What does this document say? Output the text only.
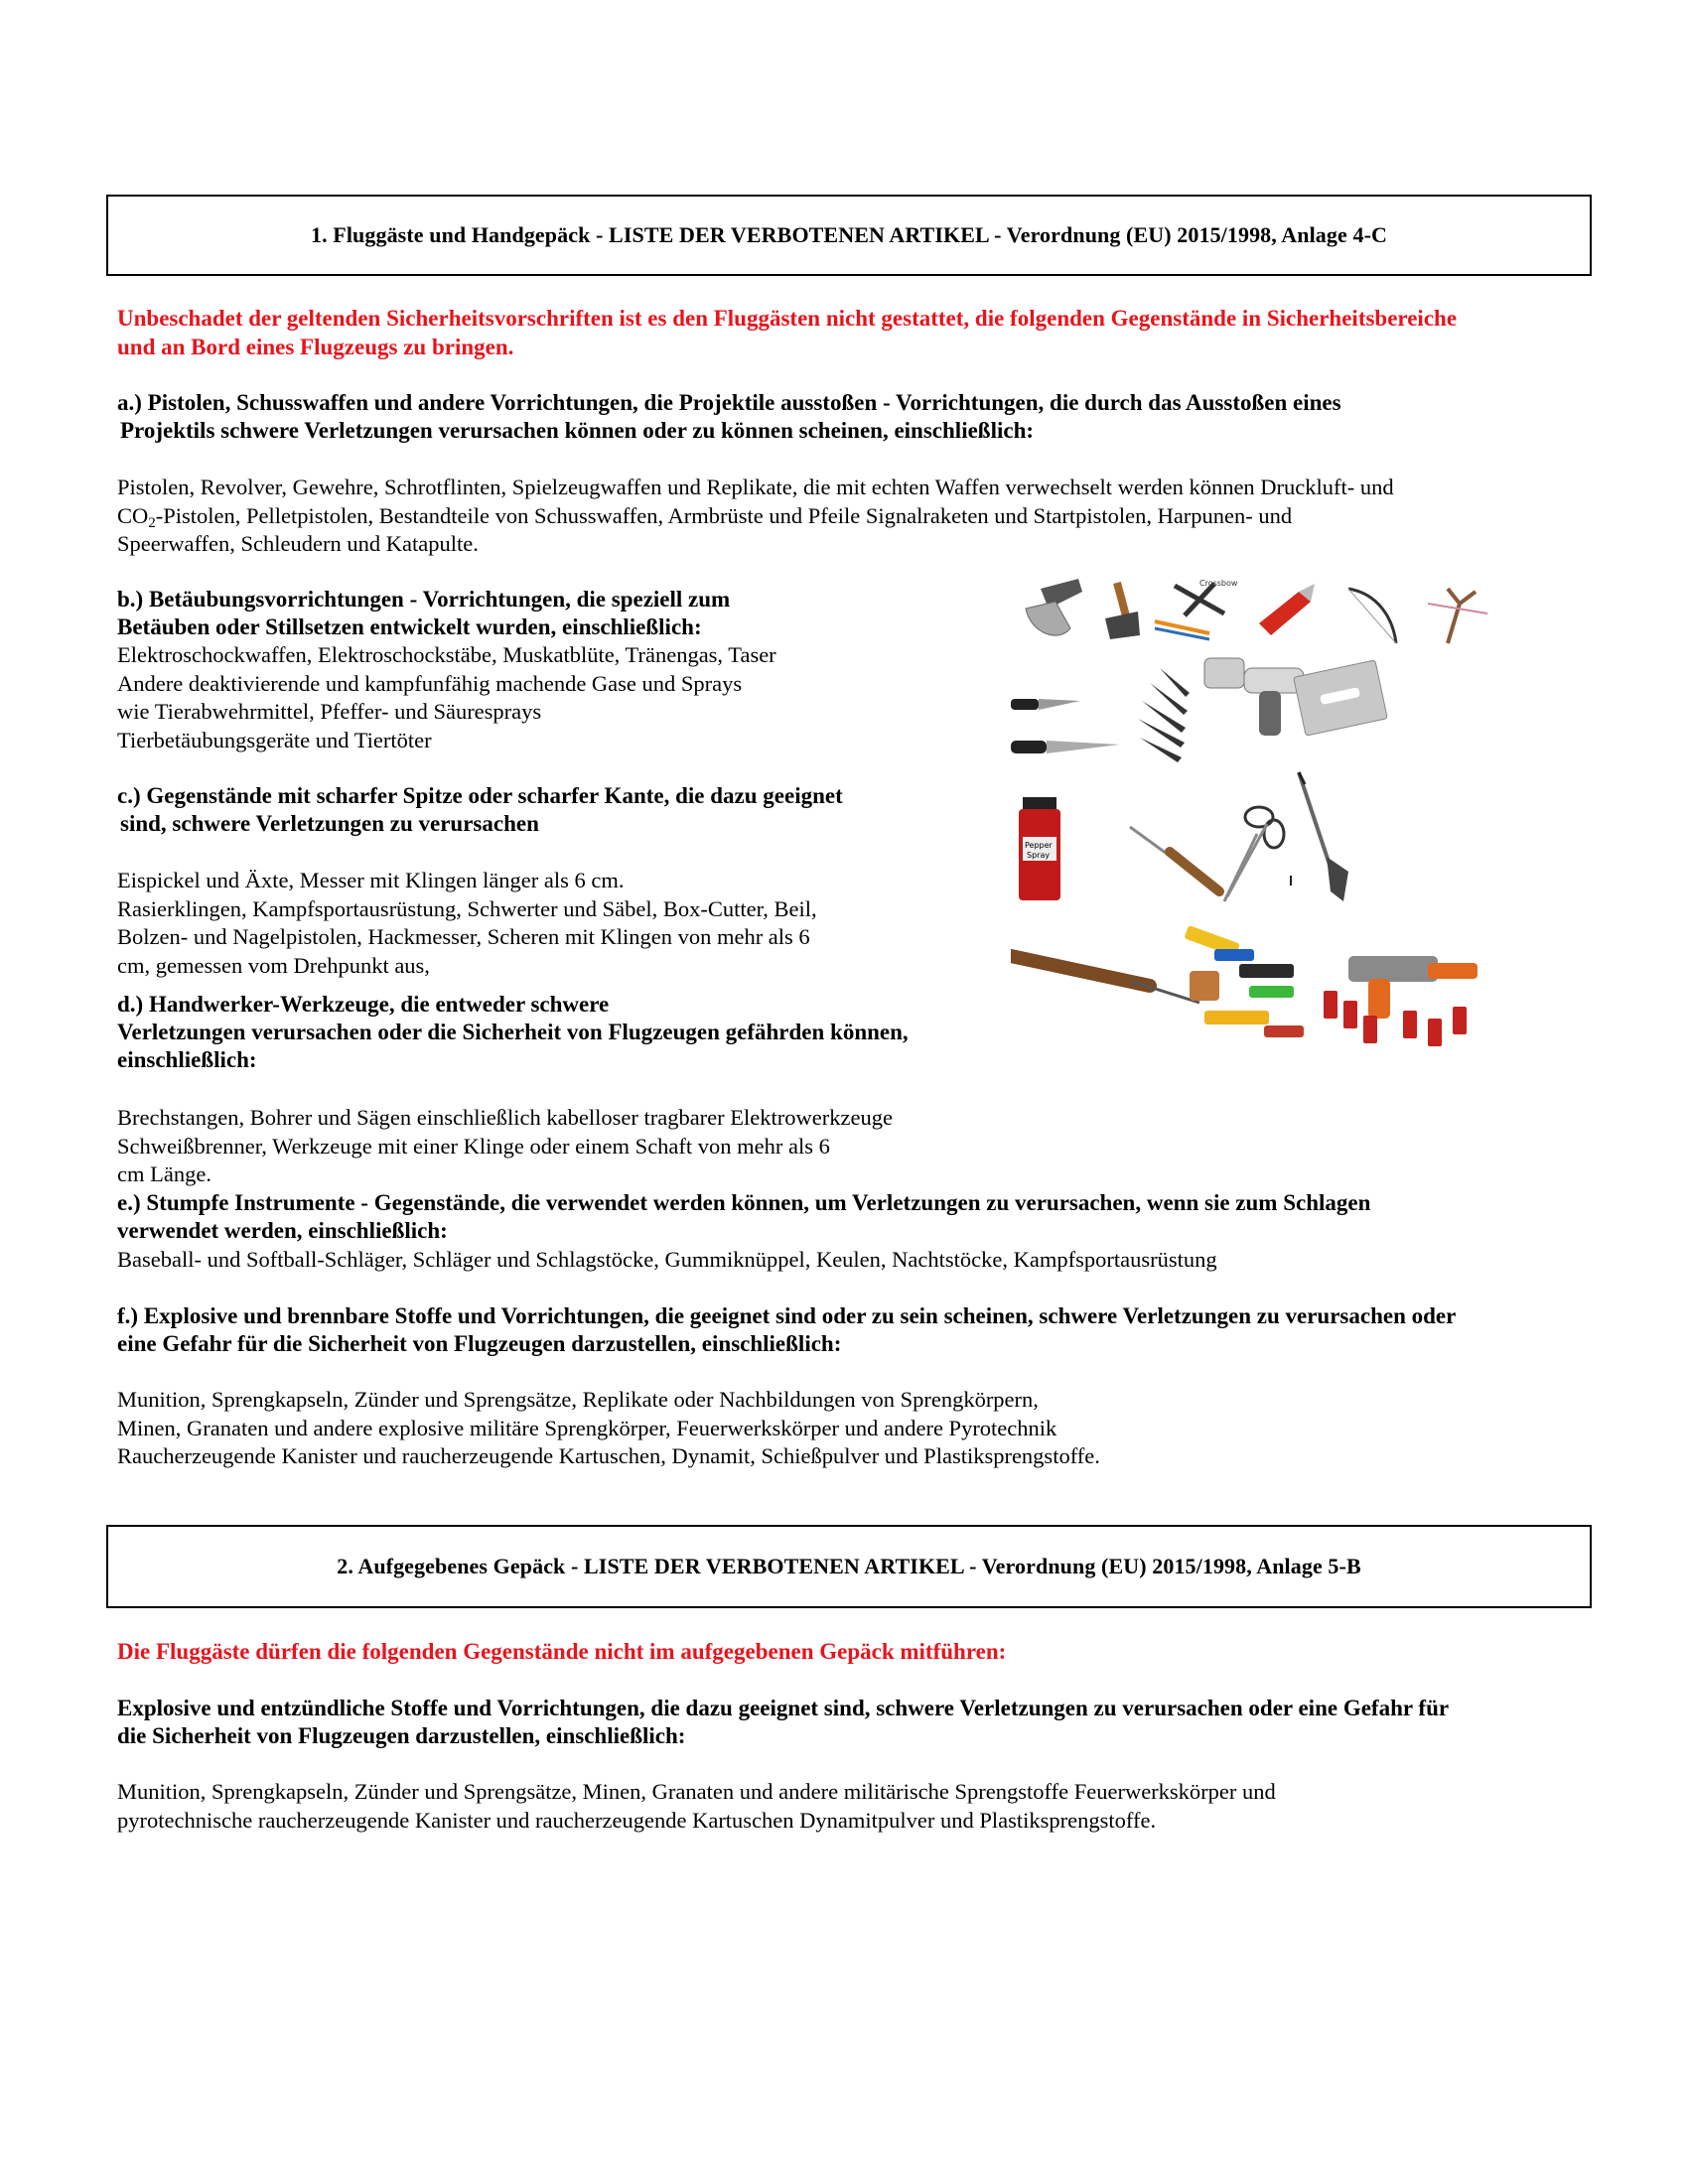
1. Fluggäste und Handgepäck - LISTE DER VERBOTENEN ARTIKEL - Verordnung (EU) 2015/1998, Anlage 4-C
Unbeschadet der geltenden Sicherheitsvorschriften ist es den Fluggästen nicht gestattet, die folgenden Gegenstände in Sicherheitsbereiche
und an Bord eines Flugzeugs zu bringen.
a.) Pistolen, Schusswaffen und andere Vorrichtungen, die Projektile ausstoßen - Vorrichtungen, die durch das Ausstoßen eines
Projektils schwere Verletzungen verursachen können oder zu können scheinen, einschließlich:
Pistolen, Revolver, Gewehre, Schrotflinten, Spielzeugwaffen und Replikate, die mit echten Waffen verwechselt werden können Druckluft- und
$CO_2$-Pistolen, Pelletpistolen, Bestandteile von Schusswaffen, Armbrüste und Pfeile Signalraketen und Startpistolen, Harpunen- und
Speerwaffen, Schleudern und Katapulte.
b.) Betäubungsvorrichtungen - Vorrichtungen, die speziell zum
Betäuben oder Stillsetzen entwickelt wurden, einschließlich:
Elektroschockwaffen, Elektroschockstäbe, Muskatblüte, Tränengas, Taser
Andere deaktivierende und kampfunfähig machende Gase und Sprays
wie Tierabwehrmittel, Pfeffer- und Säuresprays
Tierbetäubungsgeräte und Tiertöter
c.) Gegenstände mit scharfer Spitze oder scharfer Kante, die dazu geeignet
sind, schwere Verletzungen zu verursachen
Eispickel und Äxte, Messer mit Klingen länger als 6 cm.
Rasierklingen, Kampfsportausrüstung, Schwerter und Säbel, Box-Cutter, Beil,
Bolzen- und Nagelpistolen, Hackmesser, Scheren mit Klingen von mehr als 6
cm, gemessen vom Drehpunkt aus,
d.) Handwerker-Werkzeuge, die entweder schwere
Verletzungen verursachen oder die Sicherheit von Flugzeugen gefährden können,
einschließlich:
Brechstangen, Bohrer und Sägen einschließlich kabelloser tragbarer Elektrowerkzeuge
Schweißbrenner, Werkzeuge mit einer Klinge oder einem Schaft von mehr als 6
cm Länge.
e.) Stumpfe Instrumente - Gegenstände, die verwendet werden können, um Verletzungen zu verursachen, wenn sie zum Schlagen
verwendet werden, einschließlich:
Baseball- und Softball-Schläger, Schläger und Schlagstöcke, Gummiknüppel, Keulen, Nachtstöcke, Kampfsportausrüstung
f.) Explosive und brennbare Stoffe und Vorrichtungen, die geeignet sind oder zu sein scheinen, schwere Verletzungen zu verursachen oder
eine Gefahr für die Sicherheit von Flugzeugen darzustellen, einschließlich:
Munition, Sprengkapseln, Zünder und Sprengsätze, Replikate oder Nachbildungen von Sprengkörpern,
Minen, Granaten und andere explosive militäre Sprengkörper, Feuerwerkskörper und andere Pyrotechnik
Raucherzeugende Kanister und raucherzeugende Kartuschen, Dynamit, Schießpulver und Plastiksprengstoffe.
Crossbow
Pepper
Spray
2. Aufgegebenes Gepäck - LISTE DER VERBOTENEN ARTIKEL - Verordnung (EU) 2015/1998, Anlage 5-B
Die Fluggäste dürfen die folgenden Gegenstände nicht im aufgegebenen Gepäck mitführen:
Explosive und entzündliche Stoffe und Vorrichtungen, die dazu geeignet sind, schwere Verletzungen zu verursachen oder eine Gefahr für
die Sicherheit von Flugzeugen darzustellen, einschließlich:
Munition, Sprengkapseln, Zünder und Sprengsätze, Minen, Granaten und andere militärische Sprengstoffe Feuerwerkskörper und
pyrotechnische raucherzeugende Kanister und raucherzeugende Kartuschen Dynamitpulver und Plastiksprengstoffe.
